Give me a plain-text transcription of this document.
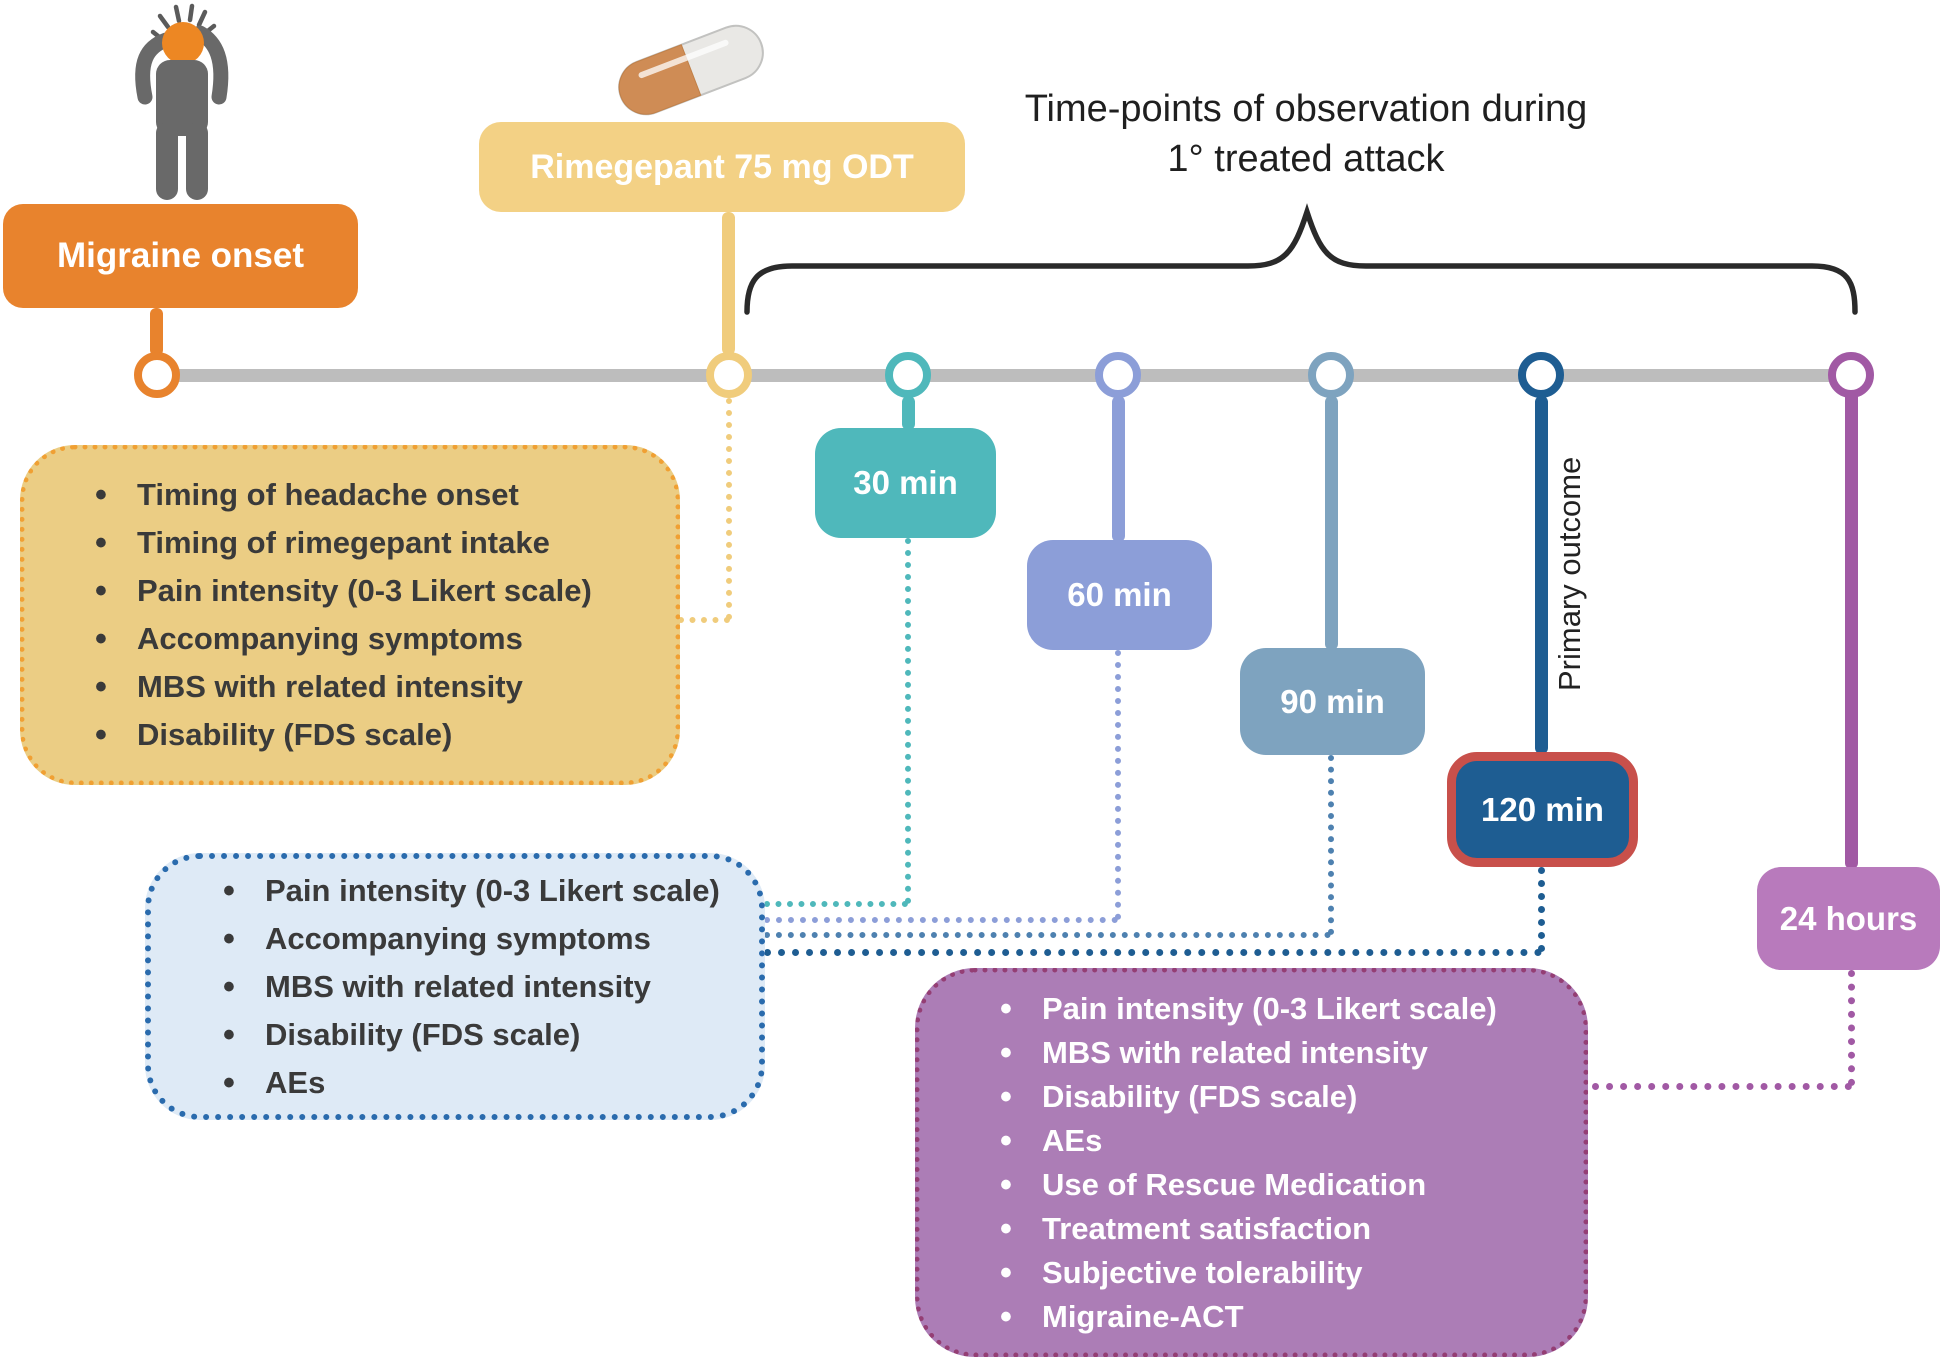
Time-points of observation during
1° treated attack
Migraine onset
Rimegepant 75 mg ODT
30 min
60 min
90 min
120 min
24 hours
Primary outcome
• Timing of headache onset
• Timing of rimegepant intake
• Pain intensity (0-3 Likert scale)
• Accompanying symptoms
• MBS with related intensity
• Disability (FDS scale)
• Pain intensity (0-3 Likert scale)
• Accompanying symptoms
• MBS with related intensity
• Disability (FDS scale)
• AEs
• Pain intensity (0-3 Likert scale)
• MBS with related intensity
• Disability (FDS scale)
• AEs
• Use of Rescue Medication
• Treatment satisfaction
• Subjective tolerability
• Migraine-ACT
